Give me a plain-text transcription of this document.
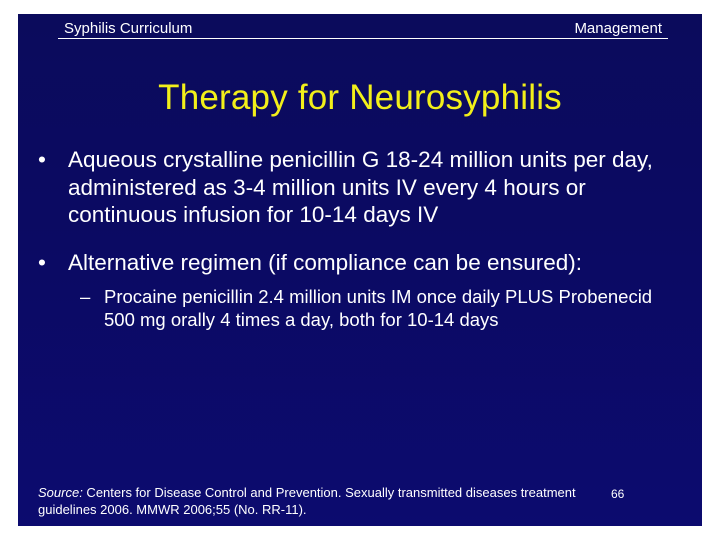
Syphilis Curriculum	Management
Therapy for Neurosyphilis
• Aqueous crystalline penicillin G 18-24 million units per day, administered as 3-4 million units IV every 4 hours or continuous infusion for 10-14 days IV
• Alternative regimen (if compliance can be ensured):
– Procaine penicillin 2.4 million units IM once daily PLUS Probenecid 500 mg orally 4 times a day, both for 10-14 days
Source: Centers for Disease Control and Prevention. Sexually transmitted diseases treatment guidelines 2006. MMWR 2006;55 (No. RR-11).
66
